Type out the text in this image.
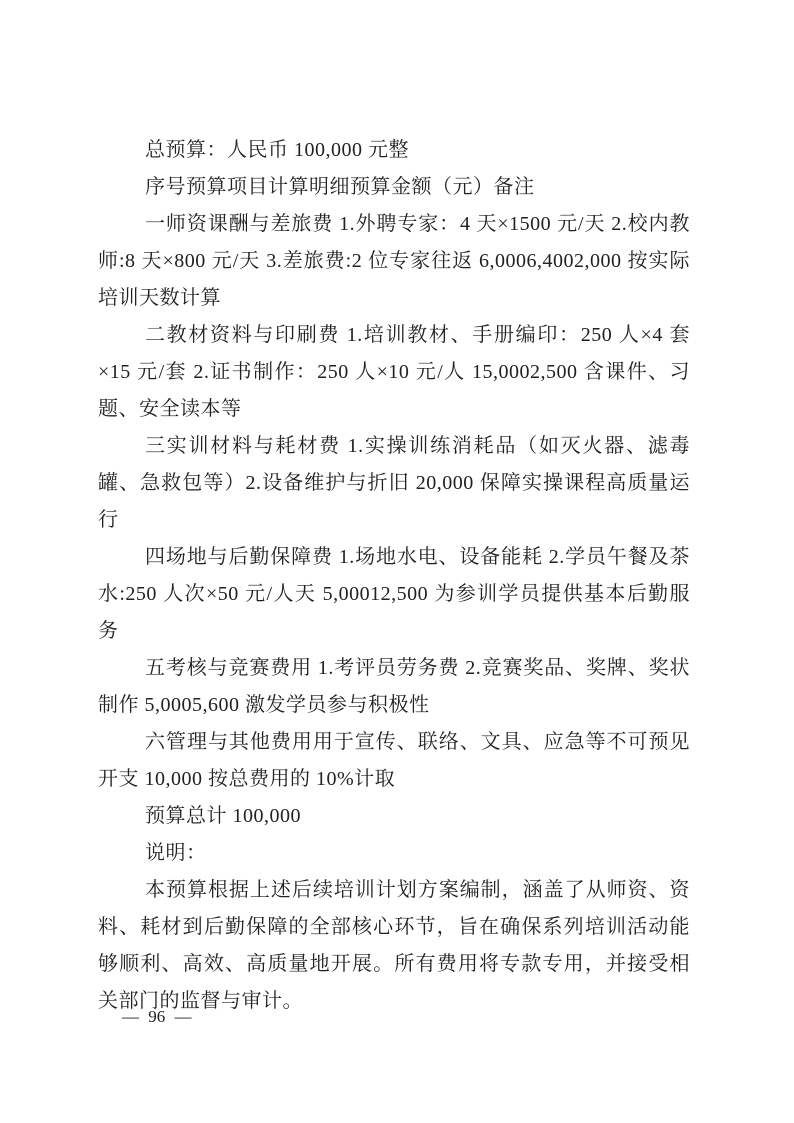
总预算：人民币 100,000 元整

序号预算项目计算明细预算金额（元）备注

一师资课酬与差旅费 1.外聘专家：4 天×1500 元/天 2.校内教师:8 天×800 元/天 3.差旅费:2 位专家往返 6,0006,4002,000 按实际培训天数计算

二教材资料与印刷费 1.培训教材、手册编印：250 人×4 套×15 元/套 2.证书制作：250 人×10 元/人 15,0002,500 含课件、习题、安全读本等

三实训材料与耗材费 1.实操训练消耗品（如灭火器、滤毒罐、急救包等）2.设备维护与折旧 20,000 保障实操课程高质量运行

四场地与后勤保障费 1.场地水电、设备能耗 2.学员午餐及茶水:250 人次×50 元/人天 5,00012,500 为参训学员提供基本后勤服务

五考核与竞赛费用 1.考评员劳务费 2.竞赛奖品、奖牌、奖状制作 5,0005,600 激发学员参与积极性

六管理与其他费用用于宣传、联络、文具、应急等不可预见开支 10,000 按总费用的 10%计取

预算总计 100,000

说明：

本预算根据上述后续培训计划方案编制，涵盖了从师资、资料、耗材到后勤保障的全部核心环节，旨在确保系列培训活动能够顺利、高效、高质量地开展。所有费用将专款专用，并接受相关部门的监督与审计。

— 96 —
